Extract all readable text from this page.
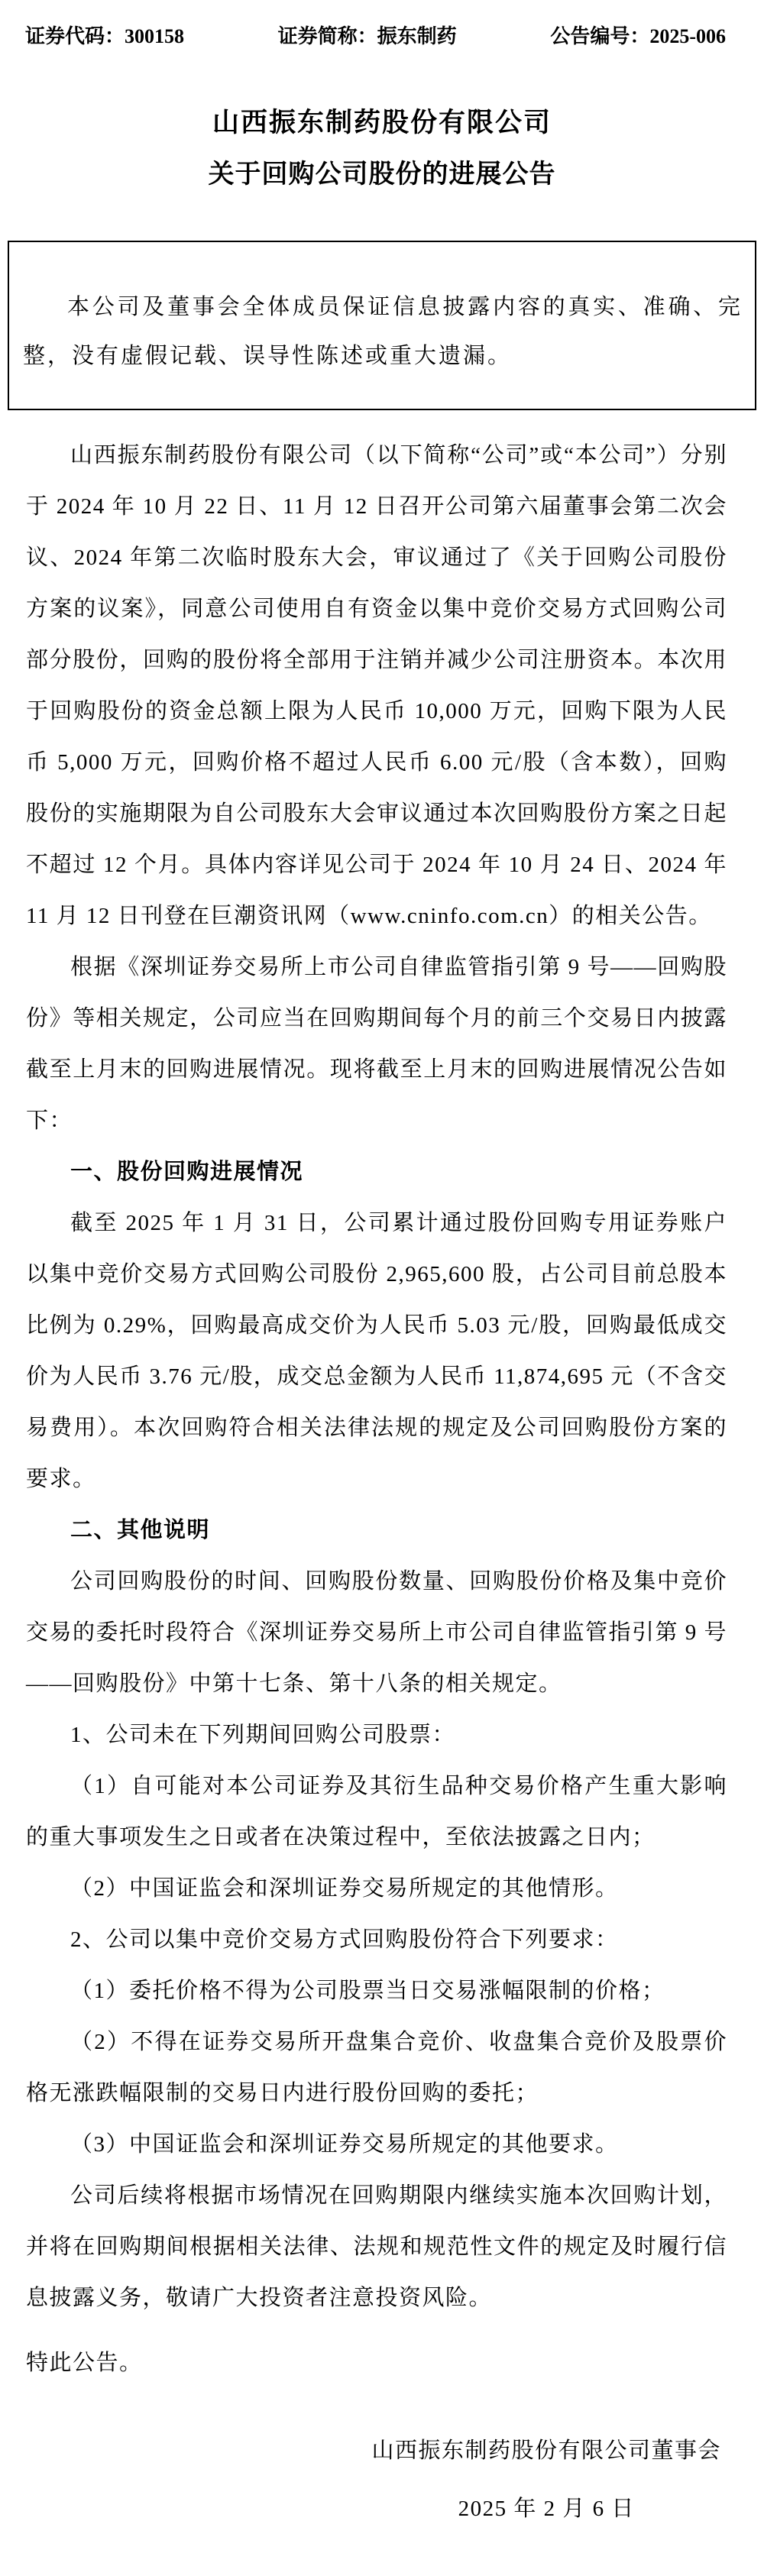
证券代码：300158	证券简称：振东制药	公告编号：2025-006
山西振东制药股份有限公司
关于回购公司股份的进展公告

本公司及董事会全体成员保证信息披露内容的真实、准确、完整，没有虚假记载、误导性陈述或重大遗漏。

山西振东制药股份有限公司（以下简称“公司”或“本公司”）分别于 2024 年 10 月 22 日、11 月 12 日召开公司第六届董事会第二次会议、2024 年第二次临时股东大会，审议通过了《关于回购公司股份方案的议案》，同意公司使用自有资金以集中竞价交易方式回购公司部分股份，回购的股份将全部用于注销并减少公司注册资本。本次用于回购股份的资金总额上限为人民币 10,000 万元，回购下限为人民币 5,000 万元，回购价格不超过人民币 6.00 元/股（含本数），回购股份的实施期限为自公司股东大会审议通过本次回购股份方案之日起不超过 12 个月。具体内容详见公司于 2024 年 10 月 24 日、2024 年 11 月 12 日刊登在巨潮资讯网（www.cninfo.com.cn）的相关公告。

根据《深圳证券交易所上市公司自律监管指引第 9 号——回购股份》等相关规定，公司应当在回购期间每个月的前三个交易日内披露截至上月末的回购进展情况。现将截至上月末的回购进展情况公告如下：

一、股份回购进展情况

截至 2025 年 1 月 31 日，公司累计通过股份回购专用证券账户以集中竞价交易方式回购公司股份 2,965,600 股，占公司目前总股本比例为 0.29%，回购最高成交价为人民币 5.03 元/股，回购最低成交价为人民币 3.76 元/股，成交总金额为人民币 11,874,695 元（不含交易费用）。本次回购符合相关法律法规的规定及公司回购股份方案的要求。

二、其他说明

公司回购股份的时间、回购股份数量、回购股份价格及集中竞价交易的委托时段符合《深圳证券交易所上市公司自律监管指引第 9 号——回购股份》中第十七条、第十八条的相关规定。

1、公司未在下列期间回购公司股票：

（1）自可能对本公司证券及其衍生品种交易价格产生重大影响的重大事项发生之日或者在决策过程中，至依法披露之日内；

（2）中国证监会和深圳证券交易所规定的其他情形。

2、公司以集中竞价交易方式回购股份符合下列要求：

（1）委托价格不得为公司股票当日交易涨幅限制的价格；

（2）不得在证券交易所开盘集合竞价、收盘集合竞价及股票价格无涨跌幅限制的交易日内进行股份回购的委托；

（3）中国证监会和深圳证券交易所规定的其他要求。

公司后续将根据市场情况在回购期限内继续实施本次回购计划，并将在回购期间根据相关法律、法规和规范性文件的规定及时履行信息披露义务，敬请广大投资者注意投资风险。

特此公告。

山西振东制药股份有限公司董事会
2025 年 2 月 6 日
